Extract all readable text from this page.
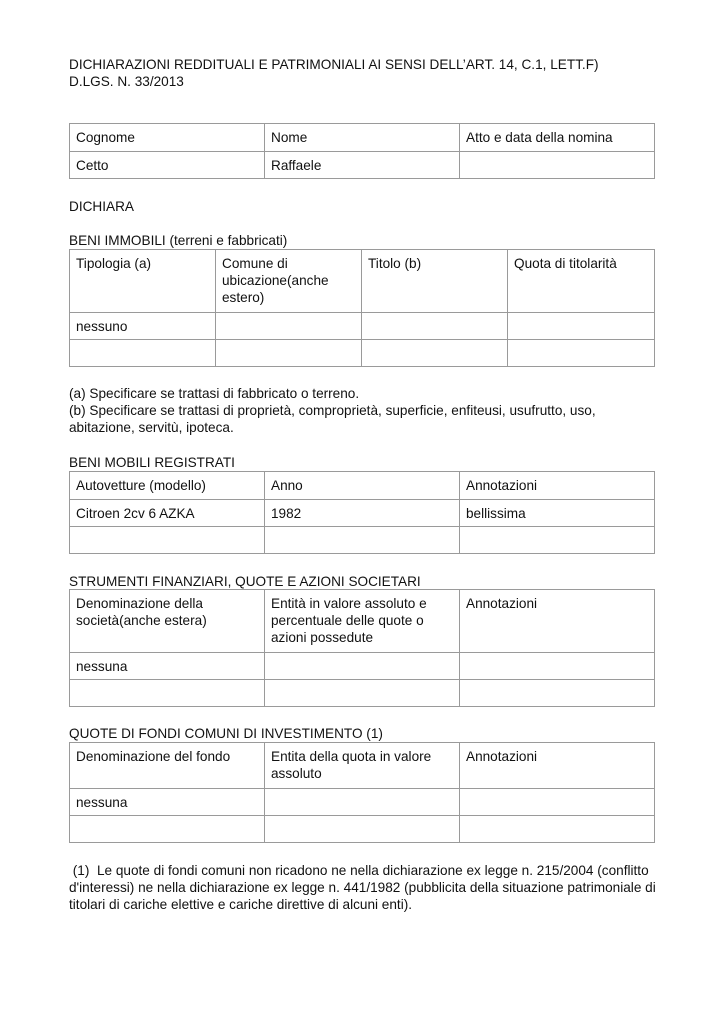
DICHIARAZIONI REDDITUALI E PATRIMONIALI AI SENSI DELL’ART. 14, C.1, LETT.F)

D.LGS. N. 33/2013

Cognome	Nome	Atto e data della nomina

Cetto	Raffaele	

DICHIARA

BENI IMMOBILI (terreni e fabbricati)

Tipologia (a)	Comune di ubicazione(anche estero)	Titolo (b)	Quota di titolarità

nessuno			

(a) Specificare se trattasi di fabbricato o terreno.

(b) Specificare se trattasi di proprietà, comproprietà, superficie, enfiteusi, usufrutto, uso, abitazione, servitù, ipoteca.

BENI MOBILI REGISTRATI

Autovetture (modello)	Anno	Annotazioni

Citroen 2cv 6 AZKA	1982	bellissima

STRUMENTI FINANZIARI, QUOTE E AZIONI SOCIETARI

Denominazione della società(anche estera)	Entità in valore assoluto e percentuale delle quote o azioni possedute	Annotazioni

nessuna		

QUOTE DI FONDI COMUNI DI INVESTIMENTO (1)

Denominazione del fondo	Entita della quota in valore assoluto	Annotazioni

nessuna		

(1)  Le quote di fondi comuni non ricadono ne nella dichiarazione ex legge n. 215/2004 (conflitto d'interessi) ne nella dichiarazione ex legge n. 441/1982 (pubblicita della situazione patrimoniale di titolari di cariche elettive e cariche direttive di alcuni enti).
